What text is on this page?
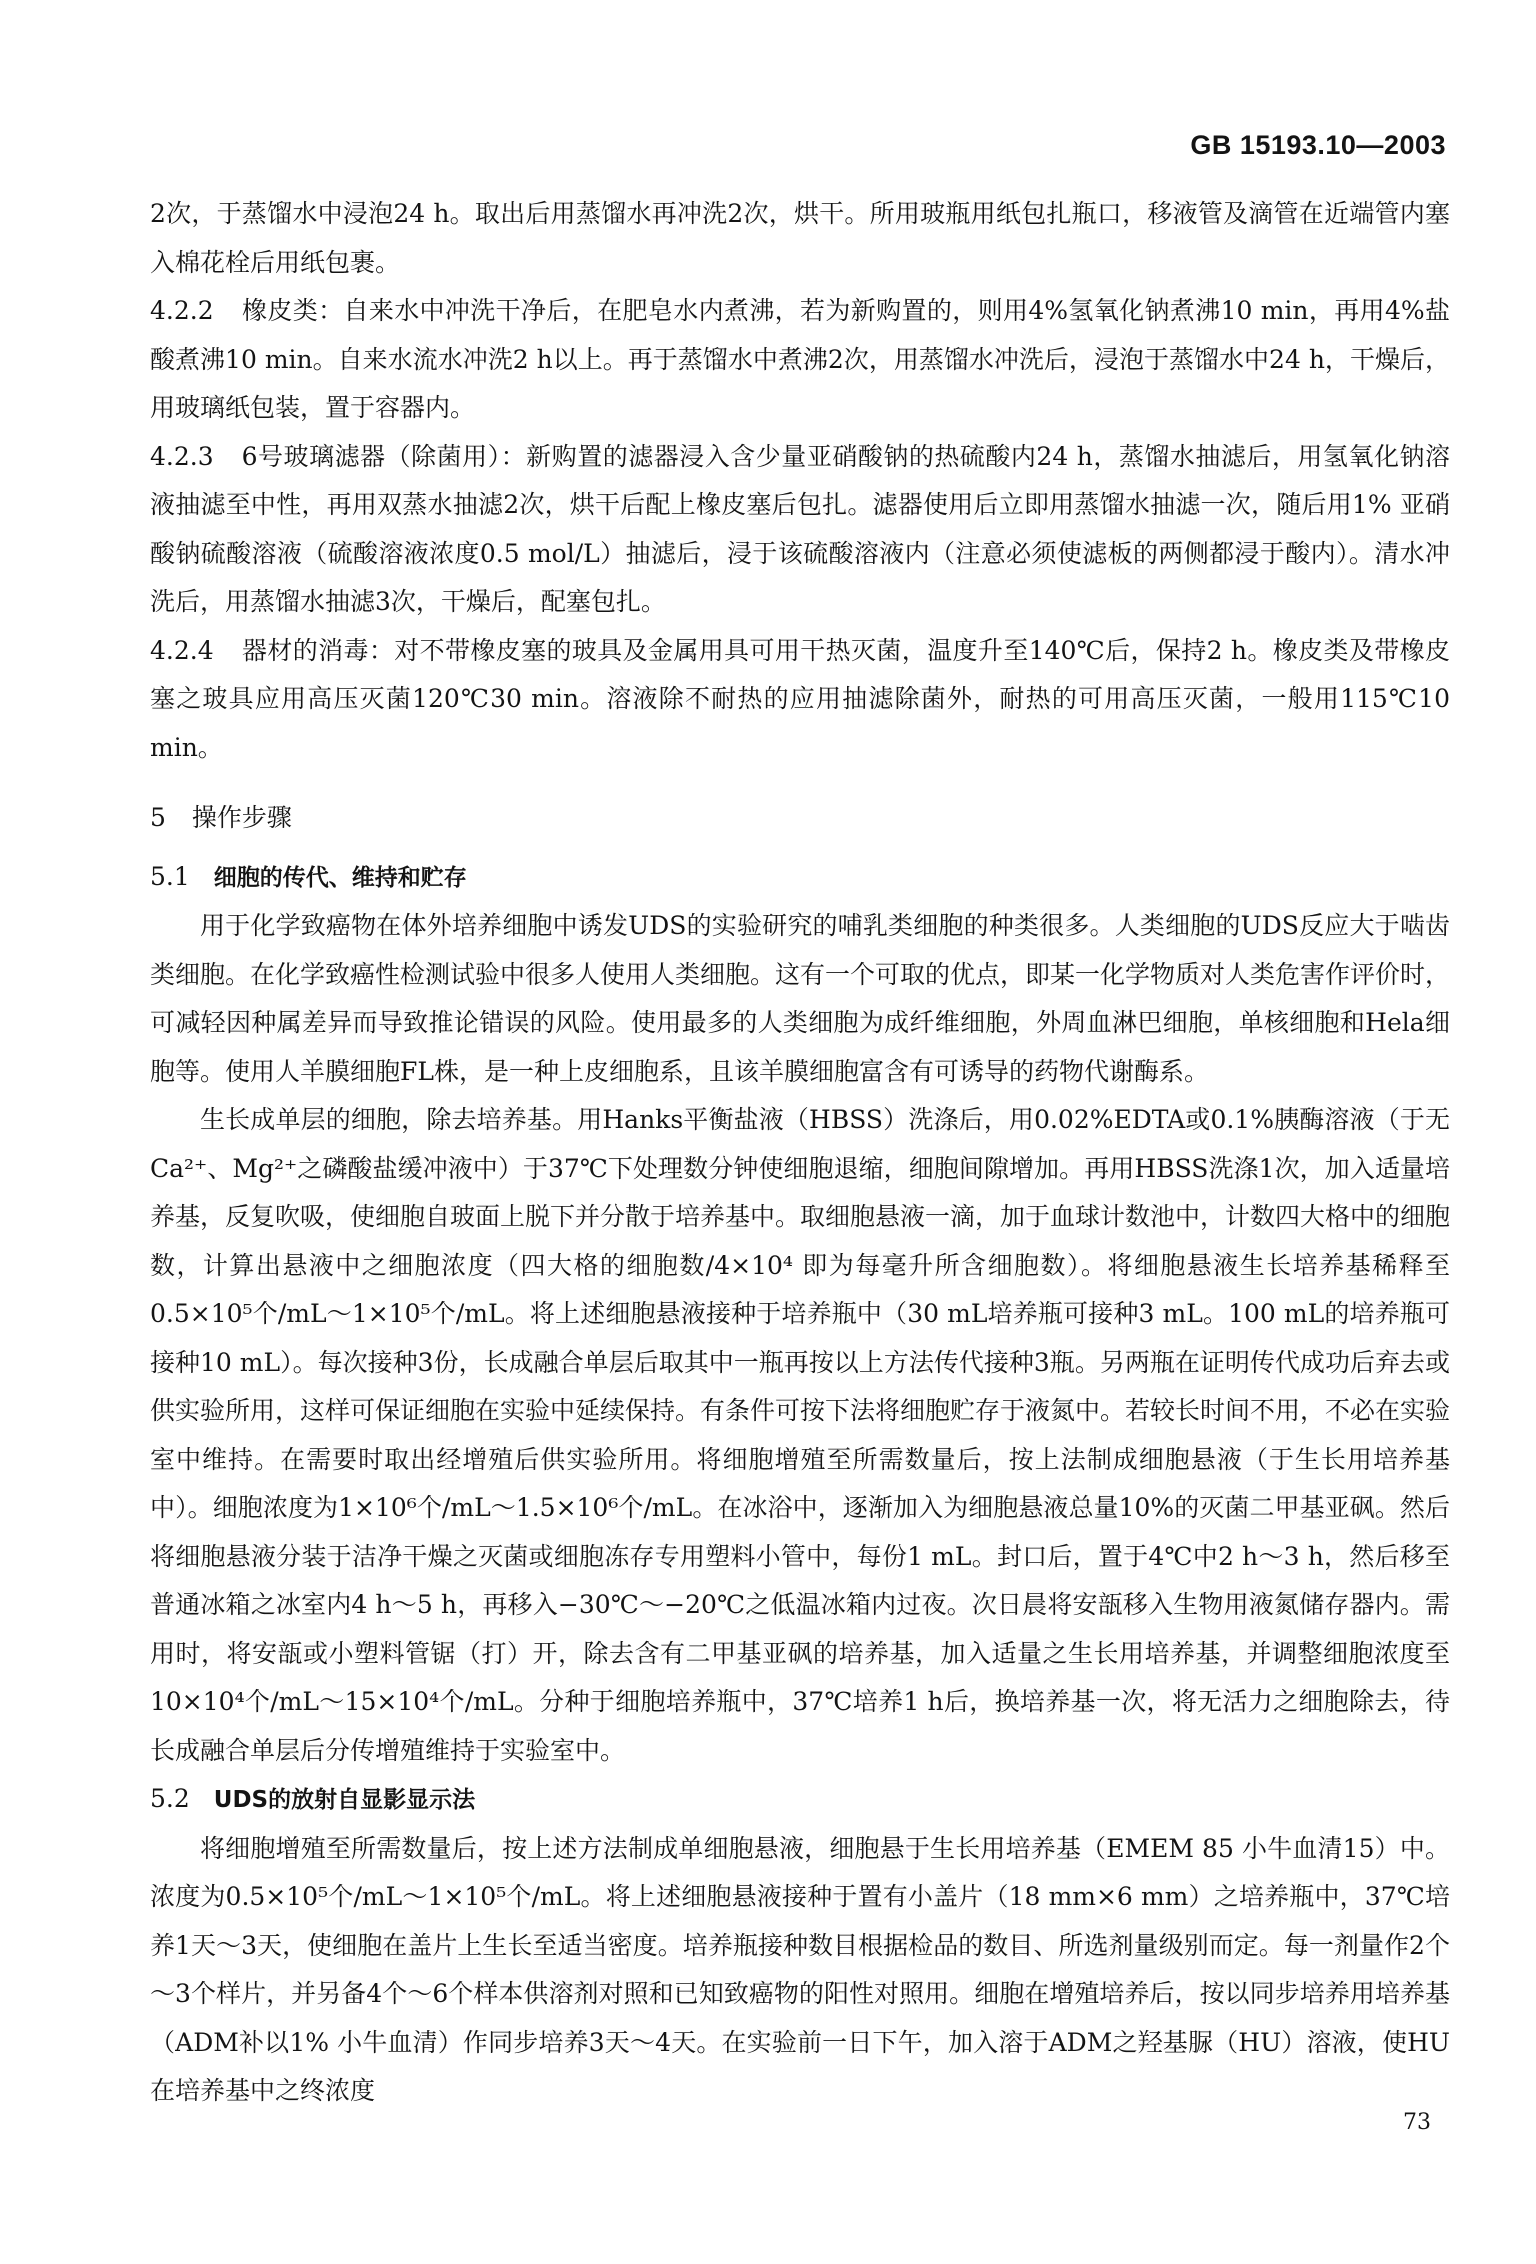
GB 15193.10—2003

2次，于蒸馏水中浸泡24 h。取出后用蒸馏水再冲洗2次，烘干。所用玻瓶用纸包扎瓶口，移液管及滴管在近端管内塞入棉花栓后用纸包裹。

4.2.2 橡皮类：自来水中冲洗干净后，在肥皂水内煮沸，若为新购置的，则用4%氢氧化钠煮沸10 min，再用4%盐酸煮沸10 min。自来水流水冲洗2 h以上。再于蒸馏水中煮沸2次，用蒸馏水冲洗后，浸泡于蒸馏水中24 h，干燥后，用玻璃纸包装，置于容器内。

4.2.3 6号玻璃滤器（除菌用）：新购置的滤器浸入含少量亚硝酸钠的热硫酸内24 h，蒸馏水抽滤后，用氢氧化钠溶液抽滤至中性，再用双蒸水抽滤2次，烘干后配上橡皮塞后包扎。滤器使用后立即用蒸馏水抽滤一次，随后用1% 亚硝酸钠硫酸溶液（硫酸溶液浓度0.5 mol/L）抽滤后，浸于该硫酸溶液内（注意必须使滤板的两侧都浸于酸内）。清水冲洗后，用蒸馏水抽滤3次，干燥后，配塞包扎。

4.2.4 器材的消毒：对不带橡皮塞的玻具及金属用具可用干热灭菌，温度升至140℃后，保持2 h。橡皮类及带橡皮塞之玻具应用高压灭菌120℃30 min。溶液除不耐热的应用抽滤除菌外，耐热的可用高压灭菌，一般用115℃10 min。

5 操作步骤

5.1 细胞的传代、维持和贮存

用于化学致癌物在体外培养细胞中诱发UDS的实验研究的哺乳类细胞的种类很多。人类细胞的UDS反应大于啮齿类细胞。在化学致癌性检测试验中很多人使用人类细胞。这有一个可取的优点，即某一化学物质对人类危害作评价时，可减轻因种属差异而导致推论错误的风险。使用最多的人类细胞为成纤维细胞，外周血淋巴细胞，单核细胞和Hela细胞等。使用人羊膜细胞FL株，是一种上皮细胞系，且该羊膜细胞富含有可诱导的药物代谢酶系。

生长成单层的细胞，除去培养基。用Hanks平衡盐液（HBSS）洗涤后，用0.02%EDTA或0.1%胰酶溶液（于无Ca²⁺、Mg²⁺之磷酸盐缓冲液中）于37℃下处理数分钟使细胞退缩，细胞间隙增加。再用HBSS洗涤1次，加入适量培养基，反复吹吸，使细胞自玻面上脱下并分散于培养基中。取细胞悬液一滴，加于血球计数池中，计数四大格中的细胞数，计算出悬液中之细胞浓度（四大格的细胞数/4×10⁴ 即为每毫升所含细胞数）。将细胞悬液生长培养基稀释至0.5×10⁵个/mL～1×10⁵个/mL。将上述细胞悬液接种于培养瓶中（30 mL培养瓶可接种3 mL。100 mL的培养瓶可接种10 mL）。每次接种3份，长成融合单层后取其中一瓶再按以上方法传代接种3瓶。另两瓶在证明传代成功后弃去或供实验所用，这样可保证细胞在实验中延续保持。有条件可按下法将细胞贮存于液氮中。若较长时间不用，不必在实验室中维持。在需要时取出经增殖后供实验所用。将细胞增殖至所需数量后，按上法制成细胞悬液（于生长用培养基中）。细胞浓度为1×10⁶个/mL～1.5×10⁶个/mL。在冰浴中，逐渐加入为细胞悬液总量10%的灭菌二甲基亚砜。然后将细胞悬液分装于洁净干燥之灭菌或细胞冻存专用塑料小管中，每份1 mL。封口后，置于4℃中2 h～3 h，然后移至普通冰箱之冰室内4 h～5 h，再移入−30℃～−20℃之低温冰箱内过夜。次日晨将安瓿移入生物用液氮储存器内。需用时，将安瓿或小塑料管锯（打）开，除去含有二甲基亚砜的培养基，加入适量之生长用培养基，并调整细胞浓度至10×10⁴个/mL～15×10⁴个/mL。分种于细胞培养瓶中，37℃培养1 h后，换培养基一次，将无活力之细胞除去，待长成融合单层后分传增殖维持于实验室中。

5.2 UDS的放射自显影显示法

将细胞增殖至所需数量后，按上述方法制成单细胞悬液，细胞悬于生长用培养基（EMEM 85 小牛血清15）中。浓度为0.5×10⁵个/mL～1×10⁵个/mL。将上述细胞悬液接种于置有小盖片（18 mm×6 mm）之培养瓶中，37℃培养1天～3天，使细胞在盖片上生长至适当密度。培养瓶接种数目根据检品的数目、所选剂量级别而定。每一剂量作2个～3个样片，并另备4个～6个样本供溶剂对照和已知致癌物的阳性对照用。细胞在增殖培养后，按以同步培养用培养基（ADM补以1% 小牛血清）作同步培养3天～4天。在实验前一日下午，加入溶于ADM之羟基脲（HU）溶液，使HU在培养基中之终浓度

73
